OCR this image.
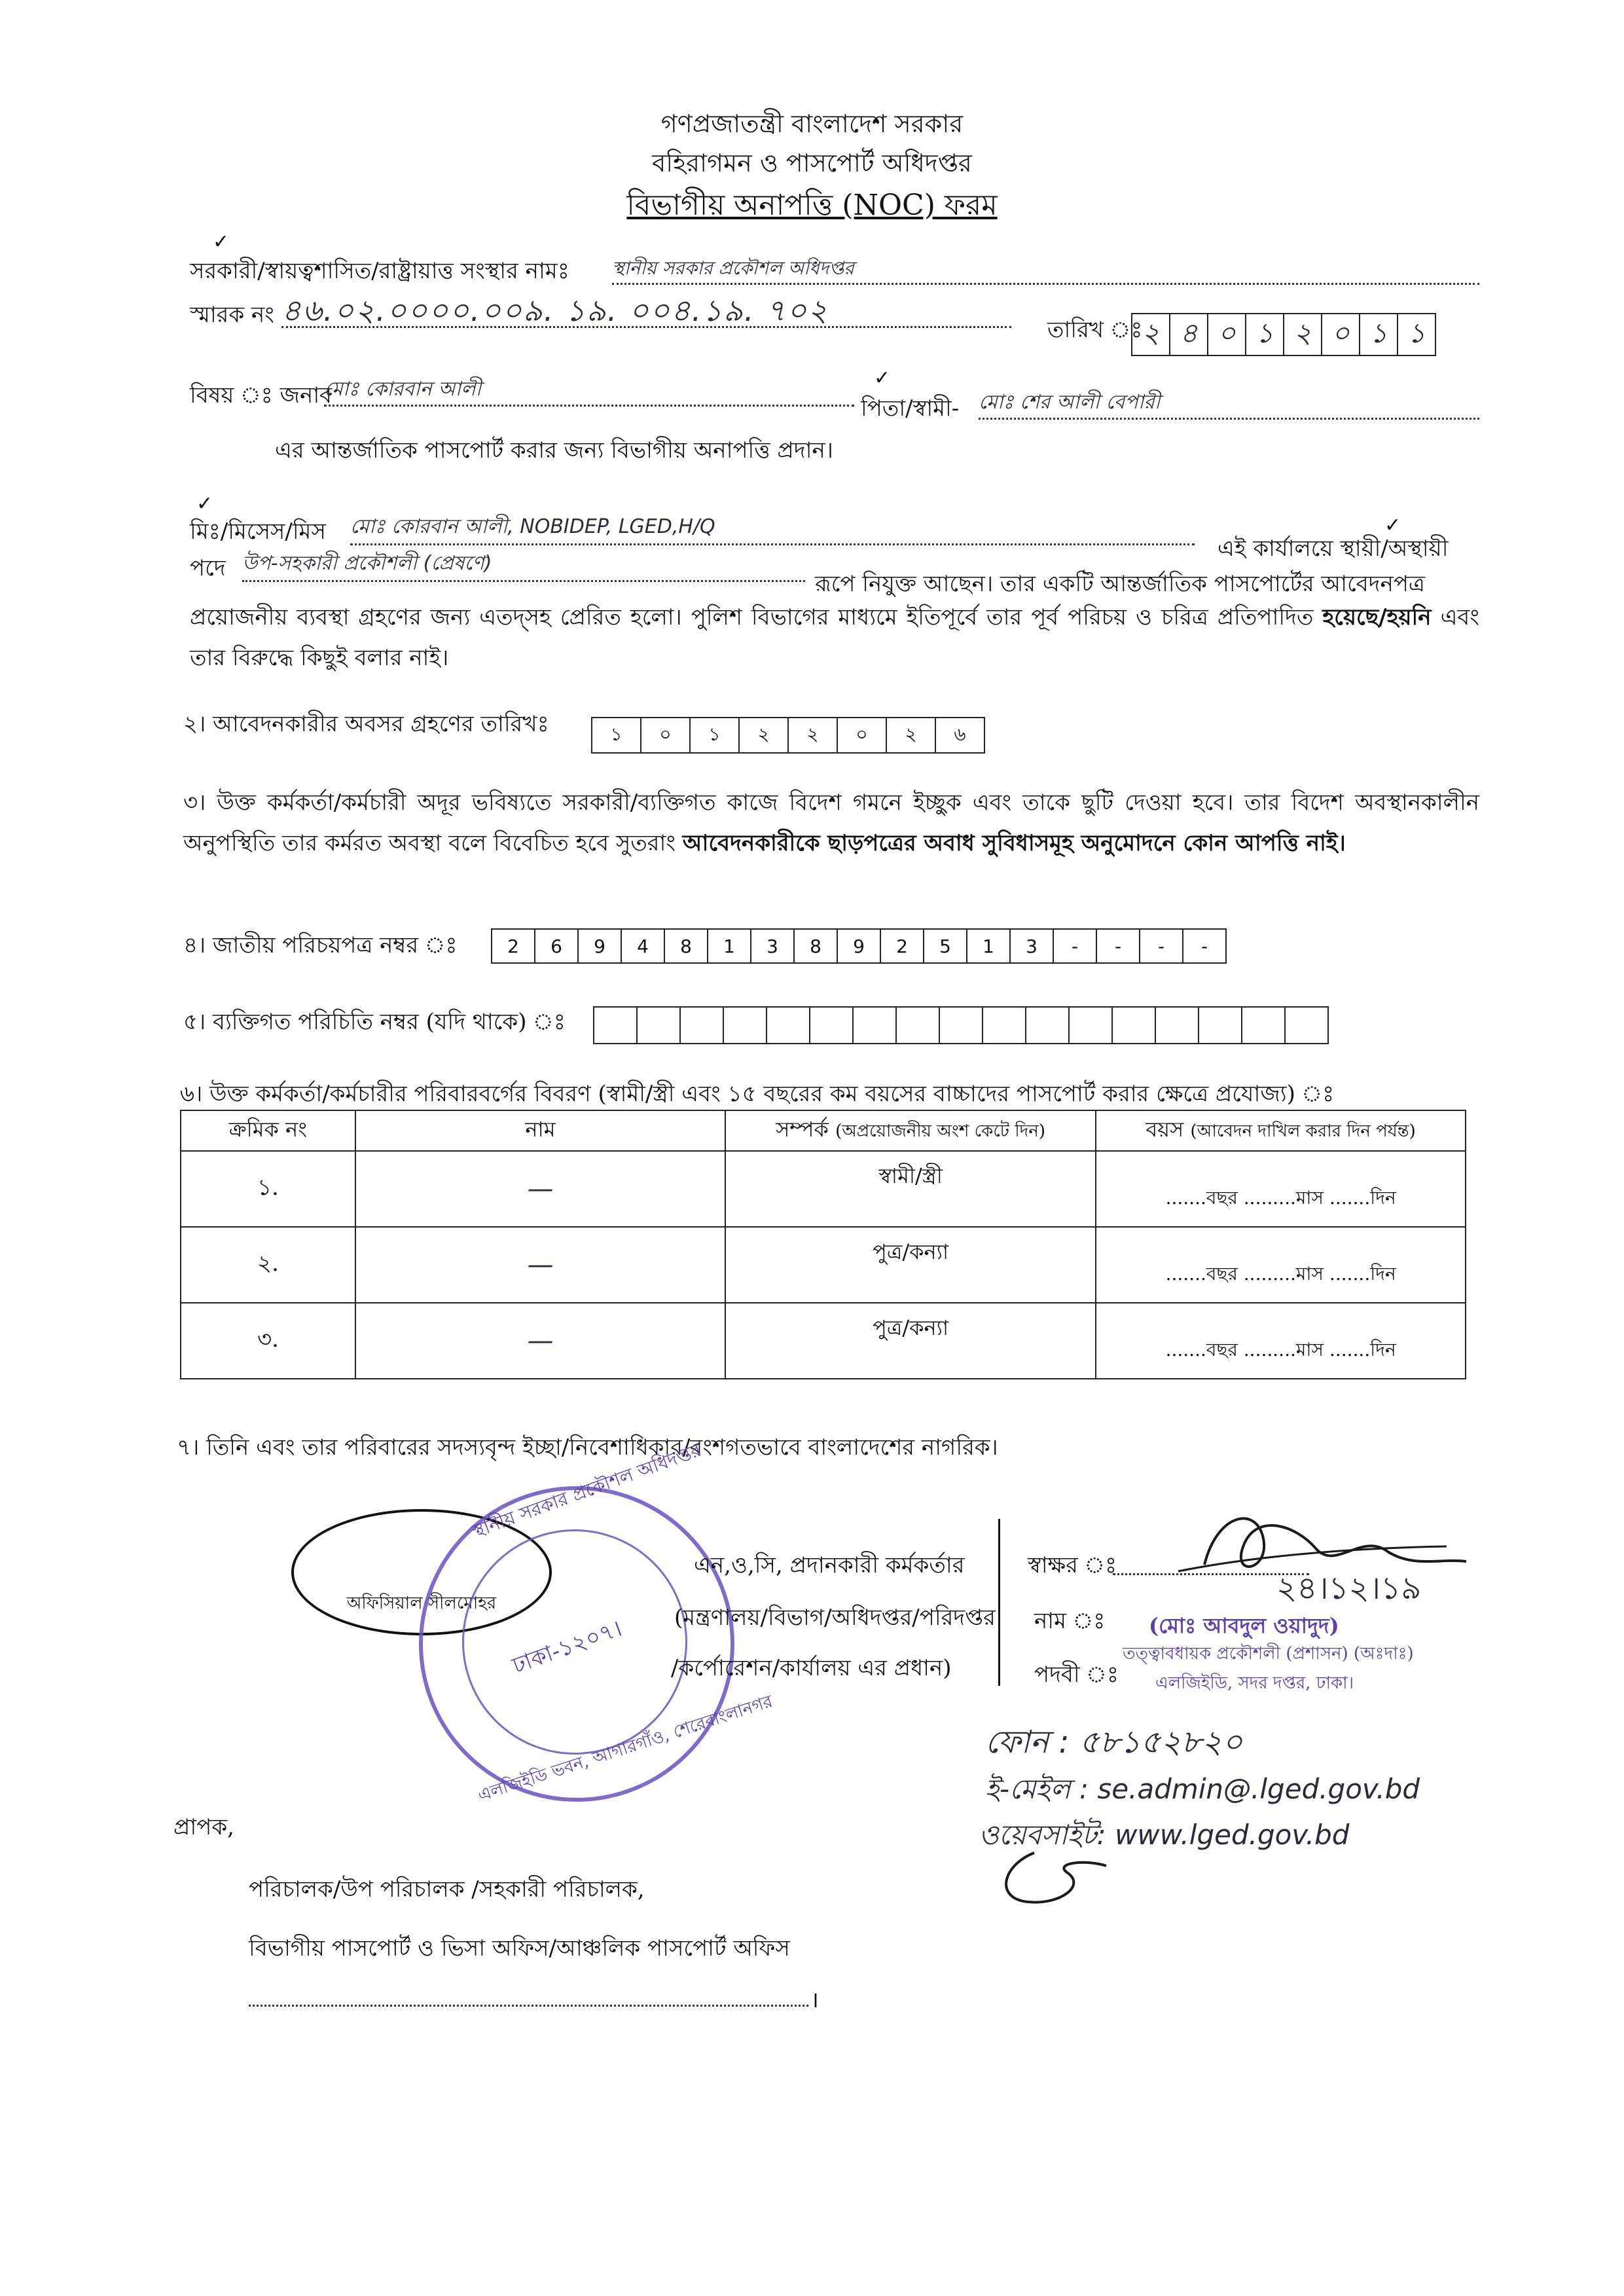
গণপ্রজাতন্ত্রী বাংলাদেশ সরকার
বহিরাগমন ও পাসপোর্ট অধিদপ্তর
বিভাগীয় অনাপত্তি (NOC) ফরম
✓
সরকারী/স্বায়ত্বশাসিত/রাষ্ট্রায়াত্ত সংস্থার নামঃ স্থানীয় সরকার প্রকৌশল অধিদপ্তর
স্মারক নং ৪৬.০২.০০০০.০০৯. ১৯. ০০৪.১৯. ৭০২
তারিখ ঃ
২ ৪ ০ ১ ২ ০ ১ ১
বিষয় ঃ জনাব
মোঃ কোরবান আলী	✓
পিতা/স্বামী- মোঃ শের আলী বেপারী
এর আন্তর্জাতিক পাসপোর্ট করার জন্য বিভাগীয় অনাপত্তি প্রদান।
✓
✓
মিঃ/মিসেস/মিস মোঃ কোরবান আলী, NOBIDEP, LGED,H/Q
এই কার্যালয়ে স্থায়ী/অস্থায়ী
পদে উপ-সহকারী প্রকৌশলী (প্রেষণে)
রূপে নিযুক্ত আছেন। তার একটি আন্তর্জাতিক পাসপোর্টের আবেদনপত্র
প্রয়োজনীয় ব্যবস্থা গ্রহণের জন্য এতদ্সহ প্রেরিত হলো। পুলিশ বিভাগের মাধ্যমে ইতিপূর্বে তার পূর্ব পরিচয় ও চরিত্র প্রতিপাদিত হয়েছে/হয়নি এবং তার বিরুদ্ধে কিছুই বলার নাই।
২। আবেদনকারীর অবসর গ্রহণের তারিখঃ	১	০	১	২	২	০	২	৬
৩। উক্ত কর্মকর্তা/কর্মচারী অদূর ভবিষ্যতে সরকারী/ব্যক্তিগত কাজে বিদেশ গমনে ইচ্ছুক এবং তাকে ছুটি দেওয়া হবে। তার বিদেশ অবস্থানকালীন অনুপস্থিতি তার কর্মরত অবস্থা বলে বিবেচিত হবে সুতরাং আবেদনকারীকে ছাড়পত্রের অবাধ সুবিধাসমূহ অনুমোদনে কোন আপত্তি নাই।
৪। জাতীয় পরিচয়পত্র নম্বর ঃ	2	6	9	4	8	1	3	8	9	2	5	1	3	-	-	-	-
৫। ব্যক্তিগত পরিচিতি নম্বর (যদি থাকে) ঃ
৬। উক্ত কর্মকর্তা/কর্মচারীর পরিবারবর্গের বিবরণ (স্বামী/স্ত্রী এবং ১৫ বছরের কম বয়সের বাচ্চাদের পাসপোর্ট করার ক্ষেত্রে প্রযোজ্য) ঃ
ক্রমিক নং	নাম	সম্পর্ক (অপ্রয়োজনীয় অংশ কেটে দিন)	বয়স (আবেদন দাখিল করার দিন পর্যন্ত)
১.	—	স্বামী/স্ত্রী	.......বছর .........মাস .......দিন

২.	—	পুত্র/কন্যা	.......বছর .........মাস .......দিন

৩.	—	পুত্র/কন্যা	.......বছর .........মাস .......দিন
৭। তিনি এবং তার পরিবারের সদস্যবৃন্দ ইচ্ছা/নিবেশাধিকার/বংশগতভাবে বাংলাদেশের নাগরিক।
অফিসিয়াল সীলমোহর
স্থানীয় সরকার প্রকৌশল অধিদপ্তর
ঢাকা-১২০৭।
এলজিইডি ভবন, আগারগাঁও, শেরেবাংলানগর
এন,ও,সি, প্রদানকারী কর্মকর্তার
(মন্ত্রণালয়/বিভাগ/অধিদপ্তর/পরিদপ্তর
/কর্পোরেশন/কার্যালয় এর প্রধান)
স্বাক্ষর ঃ
২৪।১২।১৯
নাম ঃ (মোঃ আবদুল ওয়াদুদ)
পদবী ঃ
তত্ত্বাবধায়ক প্রকৌশলী (প্রশাসন) (অঃদাঃ)
এলজিইডি, সদর দপ্তর, ঢাকা।
ফোন : ৫৮১৫২৮২০
ই-মেইল : se.admin@.lged.gov.bd
ওয়েবসাইট: www.lged.gov.bd
প্রাপক,
পরিচালক/উপ পরিচালক /সহকারী পরিচালক,
বিভাগীয় পাসপোর্ট ও ভিসা অফিস/আঞ্চলিক পাসপোর্ট অফিস
।
